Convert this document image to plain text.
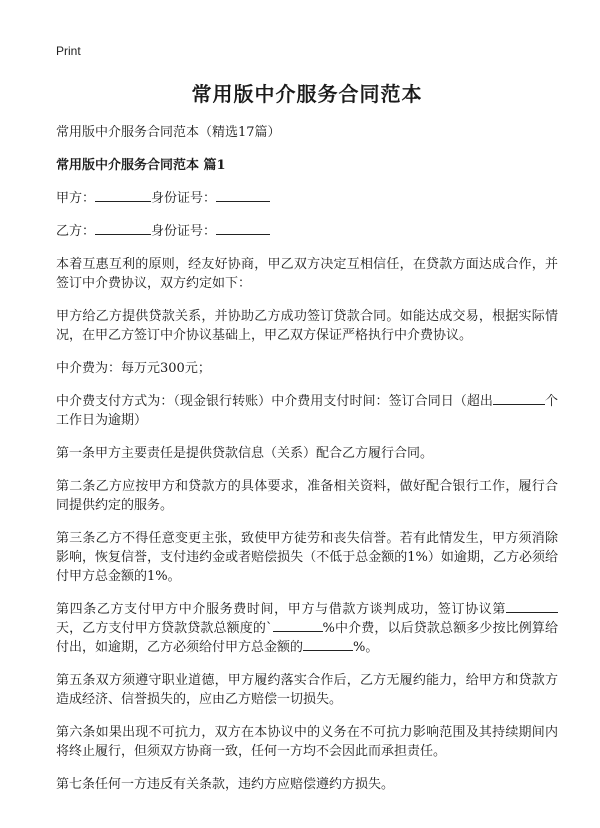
Print
常用版中介服务合同范本

常用版中介服务合同范本（精选17篇）

常用版中介服务合同范本 篇1

甲方：	身份证号：

乙方：	身份证号：

本着互惠互利的原则，经友好协商，甲乙双方决定互相信任，在贷款方面达成合作，并签订中介费协议，双方约定如下：

甲方给乙方提供贷款关系，并协助乙方成功签订贷款合同。如能达成交易，根据实际情况，在甲乙方签订中介协议基础上，甲乙双方保证严格执行中介费协议。

中介费为：每万元300元；

中介费支付方式为：（现金银行转账）中介费用支付时间：签订合同日（超出	个工作日为逾期）

第一条甲方主要责任是提供贷款信息（关系）配合乙方履行合同。

第二条乙方应按甲方和贷款方的具体要求，准备相关资料，做好配合银行工作，履行合同提供约定的服务。

第三条乙方不得任意变更主张，致使甲方徒劳和丧失信誉。若有此情发生，甲方须消除影响，恢复信誉，支付违约金或者赔偿损失（不低于总金额的1%）如逾期，乙方必须给付甲方总金额的1%。

第四条乙方支付甲方中介服务费时间，甲方与借款方谈判成功，签订协议第天，乙方支付甲方贷款贷款总额度的`	%中介费，以后贷款总额多少按比例算给付出，如逾期，乙方必须给付甲方总金额的	%。

第五条双方须遵守职业道德，甲方履约落实合作后，乙方无履约能力，给甲方和贷款方造成经济、信誉损失的，应由乙方赔偿一切损失。

第六条如果出现不可抗力，双方在本协议中的义务在不可抗力影响范围及其持续期间内将终止履行，但须双方协商一致，任何一方均不会因此而承担责任。

第七条任何一方违反有关条款，违约方应赔偿遵约方损失。
